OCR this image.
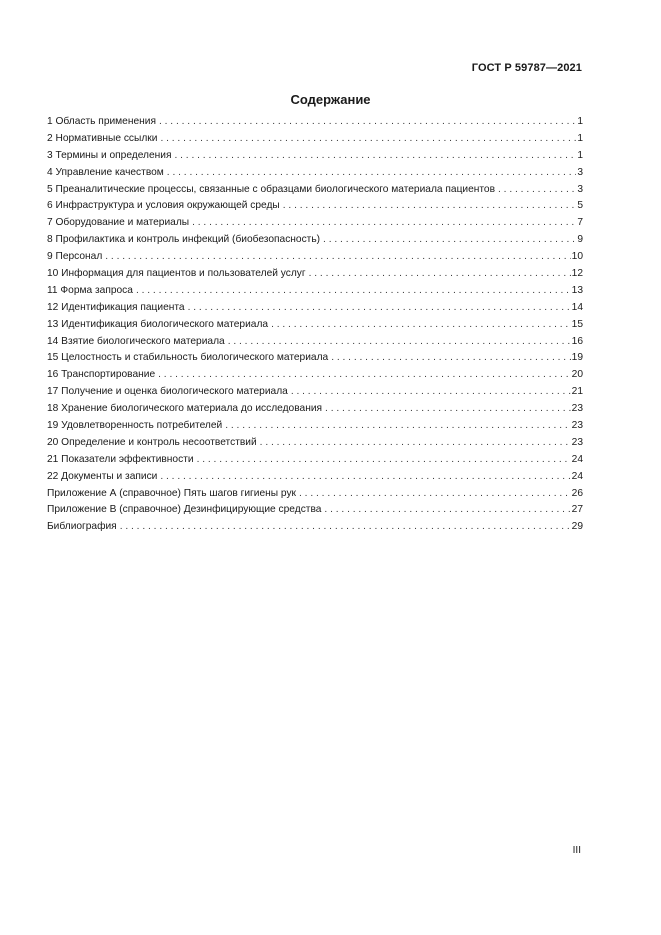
ГОСТ Р 59787—2021
Содержание
1 Область применения . . .	1
2 Нормативные ссылки . . .	1
3 Термины и определения . . .	1
4 Управление качеством . . .	3
5 Преаналитические процессы, связанные с образцами биологического материала пациентов . . .	3
6 Инфраструктура и условия окружающей среды . . .	5
7 Оборудование и материалы . . .	7
8 Профилактика и контроль инфекций (биобезопасность) . . .	9
9 Персонал . . .	10
10 Информация для пациентов и пользователей услуг . . .	12
11 Форма запроса . . .	13
12 Идентификация пациента . . .	14
13 Идентификация биологического материала . . .	15
14 Взятие биологического материала . . .	16
15 Целостность и стабильность биологического материала . . .	19
16 Транспортирование . . .	20
17 Получение и оценка биологического материала . . .	21
18 Хранение биологического материала до исследования . . .	23
19 Удовлетворенность потребителей . . .	23
20 Определение и контроль несоответствий . . .	23
21 Показатели эффективности . . .	24
22 Документы и записи . . .	24
Приложение А (справочное) Пять шагов гигиены рук . . .	26
Приложение В (справочное) Дезинфицирующие средства . . .	27
Библиография . . .	29
III
